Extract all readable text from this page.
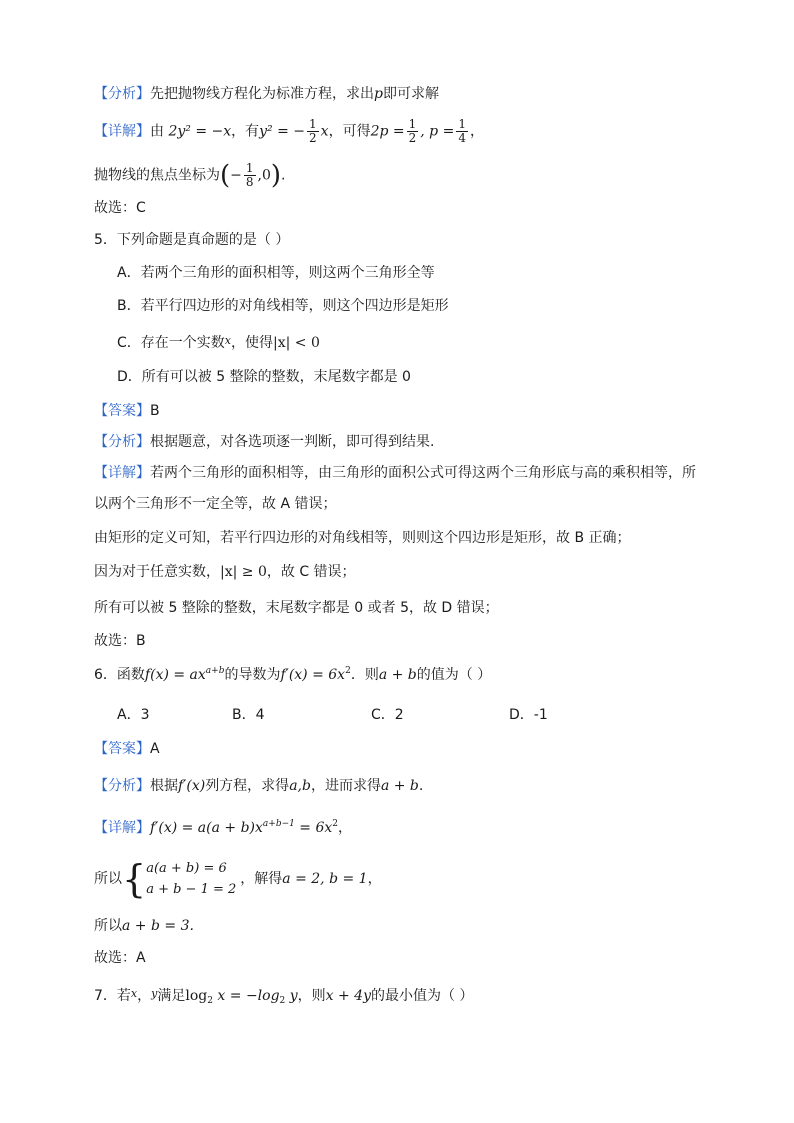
【分析】先把抛物线方程化为标准方程，求出p即可求解
【详解】由 2y² = −x，有y² = − $\frac{1}{2}$ x，可得$2p = \frac{1}{2}$ , $p = \frac{1}{4}$ ，
抛物线的焦点坐标为(− $\frac{1}{8} ,0$).
故选：C
5．下列命题是真命题的是（ ）
A．若两个三角形的面积相等，则这两个三角形全等
B．若平行四边形的对角线相等，则这个四边形是矩形
C．存在一个实数$^x$，使得|x| < 0
D．所有可以被 5 整除的整数，末尾数字都是 0
【答案】B
【分析】根据题意，对各选项逐一判断，即可得到结果.
【详解】若两个三角形的面积相等，由三角形的面积公式可得这两个三角形底与高的乘积相等，所
以两个三角形不一定全等，故 A 错误；
由矩形的定义可知，若平行四边形的对角线相等，则则这个四边形是矩形，故 B 正确；
因为对于任意实数，|x| ≥ 0，故 C 错误；
所有可以被 5 整除的整数，末尾数字都是 0 或者 5，故 D 错误；
故选：B
6．函数$f(x) = ax^{a+b}$的导数为$f'(x) = 6x^2$．则a + b的值为（ ）
A．3	B．4	C．2	D．-1
【答案】A
【分析】根据f′(x)列方程，求得a,b，进而求得a + b.
【详解】$f'(x) = a(a + b)x^{a+b-1} = 6x^2$，
所以{ a(a + b) = 6
a + b − 1 = 2
，解得a = 2, b = 1，
所以a + b = 3.
故选：A
7．若$^x$，$^y$满足$\log_2 x = -\log_2$ y，则x + 4y的最小值为（ ）
